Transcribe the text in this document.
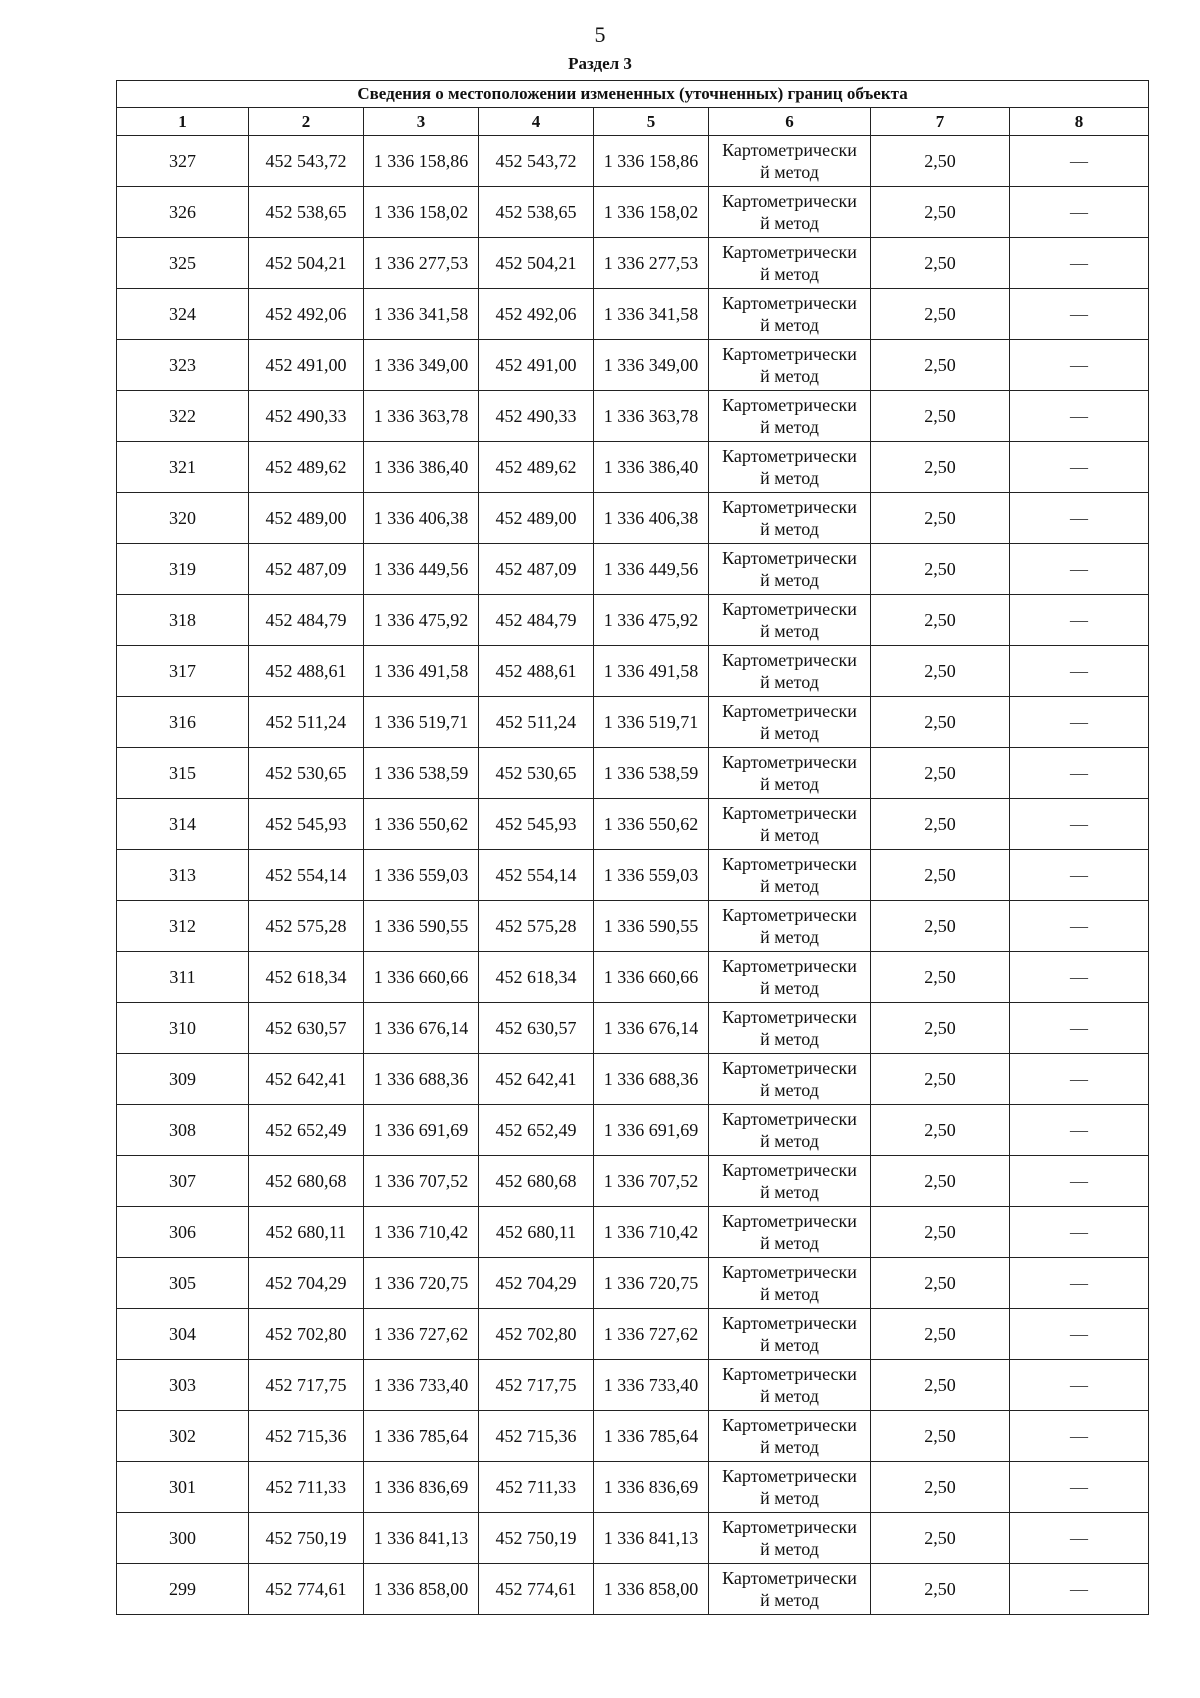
5
Раздел 3
Сведения о местоположении измененных (уточненных) границ объекта							
1	2	3	4	5	6	7	8
327	452 543,72	1 336 158,86	452 543,72	1 336 158,86	Картометрически
й метод	2,50	—
326	452 538,65	1 336 158,02	452 538,65	1 336 158,02	Картометрически
й метод	2,50	—
325	452 504,21	1 336 277,53	452 504,21	1 336 277,53	Картометрически
й метод	2,50	—
324	452 492,06	1 336 341,58	452 492,06	1 336 341,58	Картометрически
й метод	2,50	—
323	452 491,00	1 336 349,00	452 491,00	1 336 349,00	Картометрически
й метод	2,50	—
322	452 490,33	1 336 363,78	452 490,33	1 336 363,78	Картометрически
й метод	2,50	—
321	452 489,62	1 336 386,40	452 489,62	1 336 386,40	Картометрически
й метод	2,50	—
320	452 489,00	1 336 406,38	452 489,00	1 336 406,38	Картометрически
й метод	2,50	—
319	452 487,09	1 336 449,56	452 487,09	1 336 449,56	Картометрически
й метод	2,50	—
318	452 484,79	1 336 475,92	452 484,79	1 336 475,92	Картометрически
й метод	2,50	—
317	452 488,61	1 336 491,58	452 488,61	1 336 491,58	Картометрически
й метод	2,50	—
316	452 511,24	1 336 519,71	452 511,24	1 336 519,71	Картометрически
й метод	2,50	—
315	452 530,65	1 336 538,59	452 530,65	1 336 538,59	Картометрически
й метод	2,50	—
314	452 545,93	1 336 550,62	452 545,93	1 336 550,62	Картометрически
й метод	2,50	—
313	452 554,14	1 336 559,03	452 554,14	1 336 559,03	Картометрически
й метод	2,50	—
312	452 575,28	1 336 590,55	452 575,28	1 336 590,55	Картометрически
й метод	2,50	—
311	452 618,34	1 336 660,66	452 618,34	1 336 660,66	Картометрически
й метод	2,50	—
310	452 630,57	1 336 676,14	452 630,57	1 336 676,14	Картометрически
й метод	2,50	—
309	452 642,41	1 336 688,36	452 642,41	1 336 688,36	Картометрически
й метод	2,50	—
308	452 652,49	1 336 691,69	452 652,49	1 336 691,69	Картометрически
й метод	2,50	—
307	452 680,68	1 336 707,52	452 680,68	1 336 707,52	Картометрически
й метод	2,50	—
306	452 680,11	1 336 710,42	452 680,11	1 336 710,42	Картометрически
й метод	2,50	—
305	452 704,29	1 336 720,75	452 704,29	1 336 720,75	Картометрически
й метод	2,50	—
304	452 702,80	1 336 727,62	452 702,80	1 336 727,62	Картометрически
й метод	2,50	—
303	452 717,75	1 336 733,40	452 717,75	1 336 733,40	Картометрически
й метод	2,50	—
302	452 715,36	1 336 785,64	452 715,36	1 336 785,64	Картометрически
й метод	2,50	—
301	452 711,33	1 336 836,69	452 711,33	1 336 836,69	Картометрически
й метод	2,50	—
300	452 750,19	1 336 841,13	452 750,19	1 336 841,13	Картометрически
й метод	2,50	—
299	452 774,61	1 336 858,00	452 774,61	1 336 858,00	Картометрически
й метод	2,50	—
